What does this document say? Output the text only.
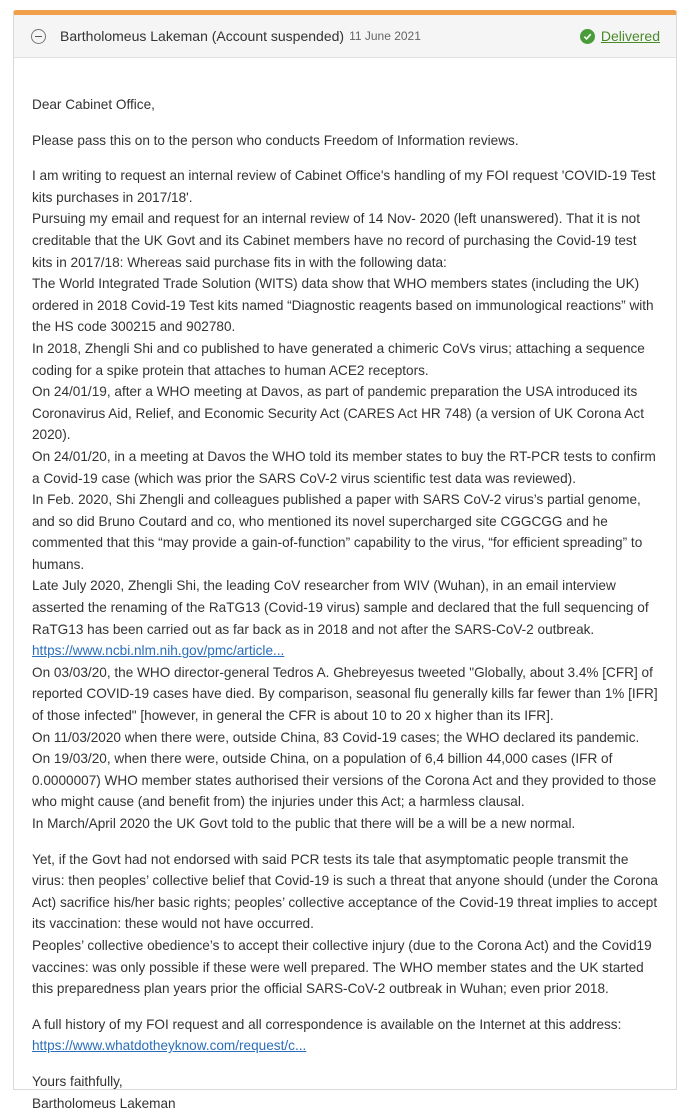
Bartholomeus Lakeman (Account suspended) 11 June 2021	Delivered

Dear Cabinet Office,

Please pass this on to the person who conducts Freedom of Information reviews.

I am writing to request an internal review of Cabinet Office's handling of my FOI request 'COVID-19 Test kits purchases in 2017/18'.
Pursuing my email and request for an internal review of 14 Nov- 2020 (left unanswered). That it is not creditable that the UK Govt and its Cabinet members have no record of purchasing the Covid-19 test kits in 2017/18: Whereas said purchase fits in with the following data:
The World Integrated Trade Solution (WITS) data show that WHO members states (including the UK) ordered in 2018 Covid-19 Test kits named “Diagnostic reagents based on immunological reactions” with the HS code 300215 and 902780.
In 2018, Zhengli Shi and co published to have generated a chimeric CoVs virus; attaching a sequence coding for a spike protein that attaches to human ACE2 receptors.
On 24/01/19, after a WHO meeting at Davos, as part of pandemic preparation the USA introduced its Coronavirus Aid, Relief, and Economic Security Act (CARES Act HR 748) (a version of UK Corona Act 2020).
On 24/01/20, in a meeting at Davos the WHO told its member states to buy the RT-PCR tests to confirm a Covid-19 case (which was prior the SARS CoV-2 virus scientific test data was reviewed).
In Feb. 2020, Shi Zhengli and colleagues published a paper with SARS CoV-2 virus’s partial genome, and so did Bruno Coutard and co, who mentioned its novel supercharged site CGGCGG and he commented that this “may provide a gain-of-function” capability to the virus, “for efficient spreading” to humans.
Late July 2020, Zhengli Shi, the leading CoV researcher from WIV (Wuhan), in an email interview asserted the renaming of the RaTG13 (Covid-19 virus) sample and declared that the full sequencing of RaTG13 has been carried out as far back as in 2018 and not after the SARS-CoV-2 outbreak.
https://www.ncbi.nlm.nih.gov/pmc/article...
On 03/03/20, the WHO director-general Tedros A. Ghebreyesus tweeted "Globally, about 3.4% [CFR] of reported COVID-19 cases have died. By comparison, seasonal flu generally kills far fewer than 1% [IFR] of those infected" [however, in general the CFR is about 10 to 20 x higher than its IFR].
On 11/03/2020 when there were, outside China, 83 Covid-19 cases; the WHO declared its pandemic. On 19/03/20, when there were, outside China, on a population of 6,4 billion 44,000 cases (IFR of 0.0000007) WHO member states authorised their versions of the Corona Act and they provided to those who might cause (and benefit from) the injuries under this Act; a harmless clausal.
In March/April 2020 the UK Govt told to the public that there will be a will be a new normal.
Yet, if the Govt had not endorsed with said PCR tests its tale that asymptomatic people transmit the virus: then peoples’ collective belief that Covid-19 is such a threat that anyone should (under the Corona Act) sacrifice his/her basic rights; peoples’ collective acceptance of the Covid-19 threat implies to accept its vaccination: these would not have occurred.
Peoples’ collective obedience’s to accept their collective injury (due to the Corona Act) and the Covid19 vaccines: was only possible if these were well prepared. The WHO member states and the UK started this preparedness plan years prior the official SARS-CoV-2 outbreak in Wuhan; even prior 2018.
A full history of my FOI request and all correspondence is available on the Internet at this address:
https://www.whatdotheyknow.com/request/c...
Yours faithfully,
Bartholomeus Lakeman
